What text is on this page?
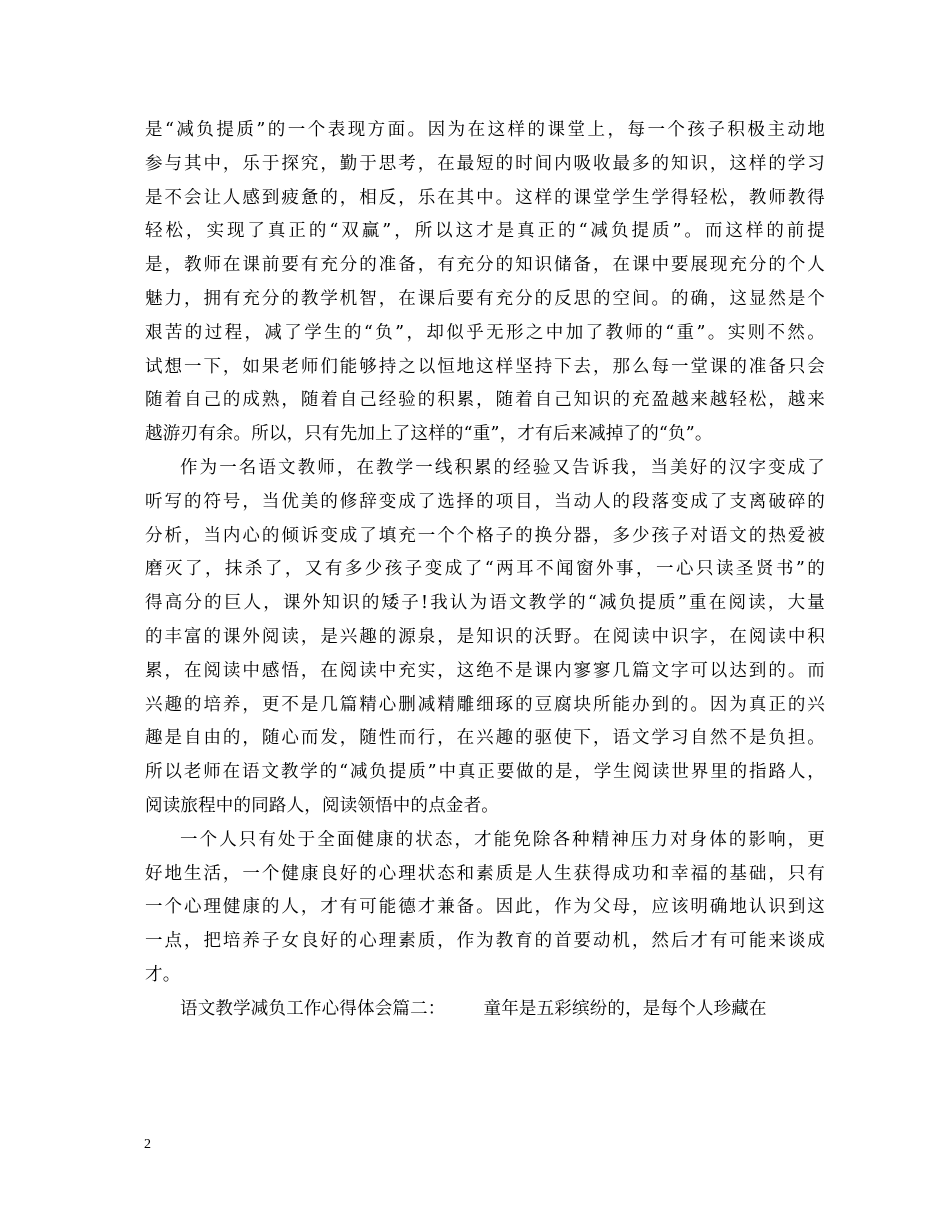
是“减负提质”的一个表现方面。因为在这样的课堂上，每一个孩子积极主动地
参与其中，乐于探究，勤于思考，在最短的时间内吸收最多的知识，这样的学习
是不会让人感到疲惫的，相反，乐在其中。这样的课堂学生学得轻松，教师教得
轻松，实现了真正的“双赢”，所以这才是真正的“减负提质”。而这样的前提
是，教师在课前要有充分的准备，有充分的知识储备，在课中要展现充分的个人
魅力，拥有充分的教学机智，在课后要有充分的反思的空间。的确，这显然是个
艰苦的过程，减了学生的“负”，却似乎无形之中加了教师的“重”。实则不然。
试想一下，如果老师们能够持之以恒地这样坚持下去，那么每一堂课的准备只会
随着自己的成熟，随着自己经验的积累，随着自己知识的充盈越来越轻松，越来
越游刃有余。所以，只有先加上了这样的“重”，才有后来减掉了的“负”。
作为一名语文教师，在教学一线积累的经验又告诉我，当美好的汉字变成了
听写的符号，当优美的修辞变成了选择的项目，当动人的段落变成了支离破碎的
分析，当内心的倾诉变成了填充一个个格子的换分器，多少孩子对语文的热爱被
磨灭了，抹杀了，又有多少孩子变成了“两耳不闻窗外事，一心只读圣贤书”的
得高分的巨人，课外知识的矮子!我认为语文教学的“减负提质”重在阅读，大量
的丰富的课外阅读，是兴趣的源泉，是知识的沃野。在阅读中识字，在阅读中积
累，在阅读中感悟，在阅读中充实，这绝不是课内寥寥几篇文字可以达到的。而
兴趣的培养，更不是几篇精心删减精雕细琢的豆腐块所能办到的。因为真正的兴
趣是自由的，随心而发，随性而行，在兴趣的驱使下，语文学习自然不是负担。
所以老师在语文教学的“减负提质”中真正要做的是，学生阅读世界里的指路人，
阅读旅程中的同路人，阅读领悟中的点金者。
一个人只有处于全面健康的状态，才能免除各种精神压力对身体的影响，更
好地生活，一个健康良好的心理状态和素质是人生获得成功和幸福的基础，只有
一个心理健康的人，才有可能德才兼备。因此，作为父母，应该明确地认识到这
一点，把培养子女良好的心理素质，作为教育的首要动机，然后才有可能来谈成
才。
语文教学减负工作心得体会篇二： 童年是五彩缤纷的，是每个人珍藏在
2
